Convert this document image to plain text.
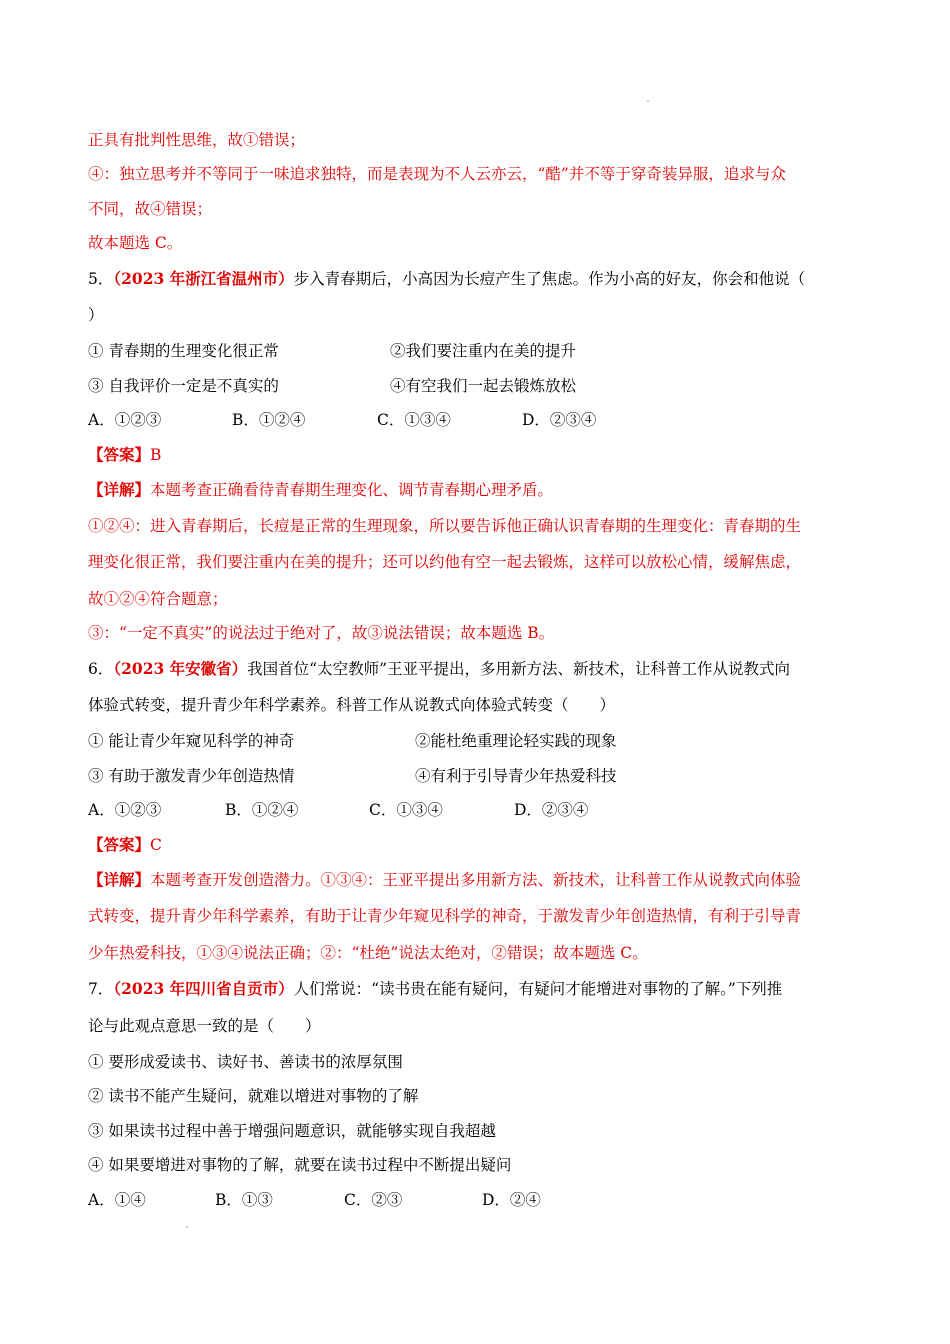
正具有批判性思维，故①错误；
④：独立思考并不等同于一味追求独特，而是表现为不人云亦云，“酷”并不等于穿奇装异服，追求与众
不同，故④错误；
故本题选 C。
5．（2023 年浙江省温州市）步入青春期后，小高因为长痘产生了焦虑。作为小高的好友，你会和他说（
）
① 青春期的生理变化很正常	②我们要注重内在美的提升
③ 自我评价一定是不真实的	④有空我们一起去锻炼放松
A．①②③	B．①②④	C．①③④	D．②③④
【答案】B
【详解】本题考查正确看待青春期生理变化、调节青春期心理矛盾。
①②④：进入青春期后，长痘是正常的生理现象，所以要告诉他正确认识青春期的生理变化：青春期的生
理变化很正常，我们要注重内在美的提升；还可以约他有空一起去锻炼，这样可以放松心情，缓解焦虑，
故①②④符合题意；
③：“一定不真实”的说法过于绝对了，故③说法错误；故本题选 B。
6．（2023 年安徽省）我国首位“太空教师”王亚平提出，多用新方法、新技术，让科普工作从说教式向
体验式转变，提升青少年科学素养。科普工作从说教式向体验式转变（　　）
① 能让青少年窥见科学的神奇	②能杜绝重理论轻实践的现象
③ 有助于激发青少年创造热情	④有利于引导青少年热爱科技
A．①②③	B．①②④	C．①③④	D．②③④
【答案】C
【详解】本题考查开发创造潜力。①③④：王亚平提出多用新方法、新技术，让科普工作从说教式向体验
式转变，提升青少年科学素养，有助于让青少年窥见科学的神奇，于激发青少年创造热情，有利于引导青
少年热爱科技，①③④说法正确；②：“杜绝”说法太绝对，②错误；故本题选 C。
7．（2023 年四川省自贡市）人们常说：“读书贵在能有疑问，有疑问才能增进对事物的了解。”下列推
论与此观点意思一致的是（　　）
① 要形成爱读书、读好书、善读书的浓厚氛围
② 读书不能产生疑问，就难以增进对事物的了解
③ 如果读书过程中善于增强问题意识，就能够实现自我超越
④ 如果要增进对事物的了解，就要在读书过程中不断提出疑问
A．①④	B．①③	C．②③	D．②④
